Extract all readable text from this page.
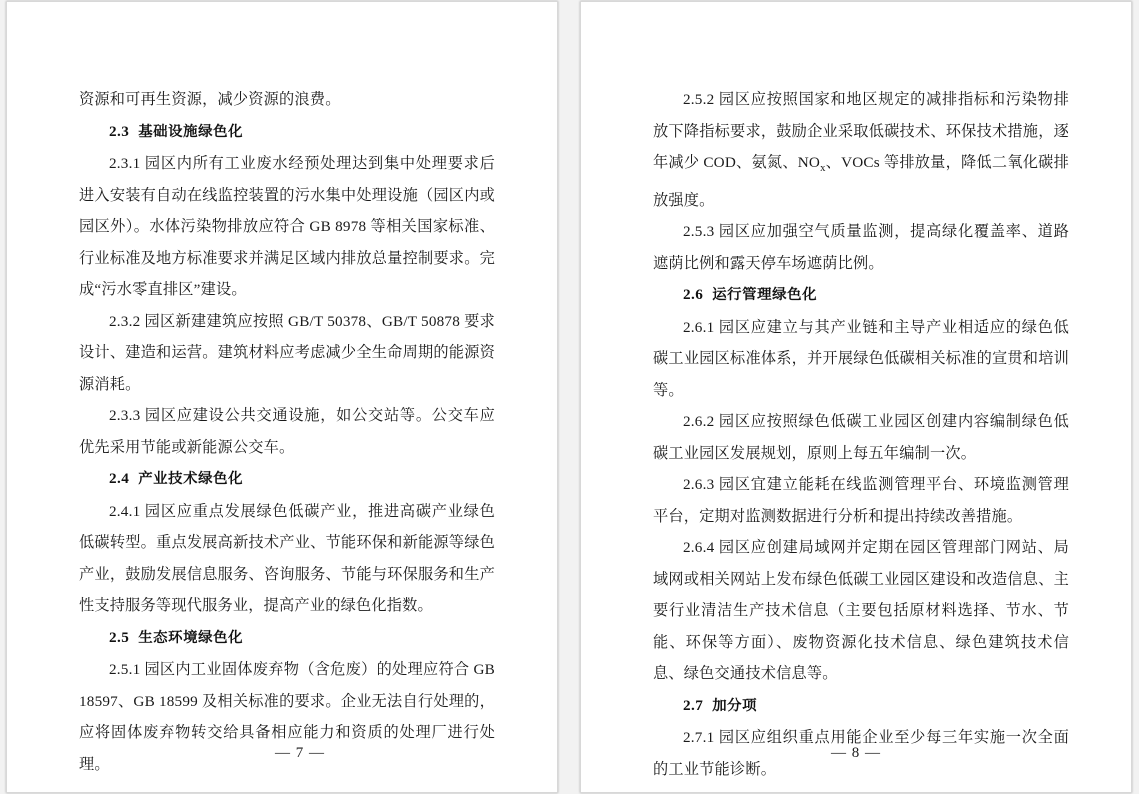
资源和可再生资源，减少资源的浪费。

2.3 基础设施绿色化

2.3.1 园区内所有工业废水经预处理达到集中处理要求后进入安装有自动在线监控装置的污水集中处理设施（园区内或园区外）。水体污染物排放应符合 GB 8978 等相关国家标准、行业标准及地方标准要求并满足区域内排放总量控制要求。完成“污水零直排区”建设。

2.3.2 园区新建建筑应按照 GB/T 50378、GB/T 50878 要求设计、建造和运营。建筑材料应考虑减少全生命周期的能源资源消耗。

2.3.3 园区应建设公共交通设施，如公交站等。公交车应优先采用节能或新能源公交车。

2.4 产业技术绿色化

2.4.1 园区应重点发展绿色低碳产业，推进高碳产业绿色低碳转型。重点发展高新技术产业、节能环保和新能源等绿色产业，鼓励发展信息服务、咨询服务、节能与环保服务和生产性支持服务等现代服务业，提高产业的绿色化指数。

2.5 生态环境绿色化

2.5.1 园区内工业固体废弃物（含危废）的处理应符合 GB 18597、GB 18599 及相关标准的要求。企业无法自行处理的，应将固体废弃物转交给具备相应能力和资质的处理厂进行处理。

— 7 —

2.5.2 园区应按照国家和地区规定的减排指标和污染物排放下降指标要求，鼓励企业采取低碳技术、环保技术措施，逐年减少 COD、氨氮、$NO_x$、VOCs 等排放量，降低二氧化碳排放强度。

2.5.3 园区应加强空气质量监测，提高绿化覆盖率、道路遮荫比例和露天停车场遮荫比例。

2.6 运行管理绿色化

2.6.1 园区应建立与其产业链和主导产业相适应的绿色低碳工业园区标准体系，并开展绿色低碳相关标准的宣贯和培训等。

2.6.2 园区应按照绿色低碳工业园区创建内容编制绿色低碳工业园区发展规划，原则上每五年编制一次。

2.6.3 园区宜建立能耗在线监测管理平台、环境监测管理平台，定期对监测数据进行分析和提出持续改善措施。

2.6.4 园区应创建局域网并定期在园区管理部门网站、局域网或相关网站上发布绿色低碳工业园区建设和改造信息、主要行业清洁生产技术信息（主要包括原材料选择、节水、节能、环保等方面）、废物资源化技术信息、绿色建筑技术信息、绿色交通技术信息等。

2.7 加分项

2.7.1 园区应组织重点用能企业至少每三年实施一次全面的工业节能诊断。

— 8 —
